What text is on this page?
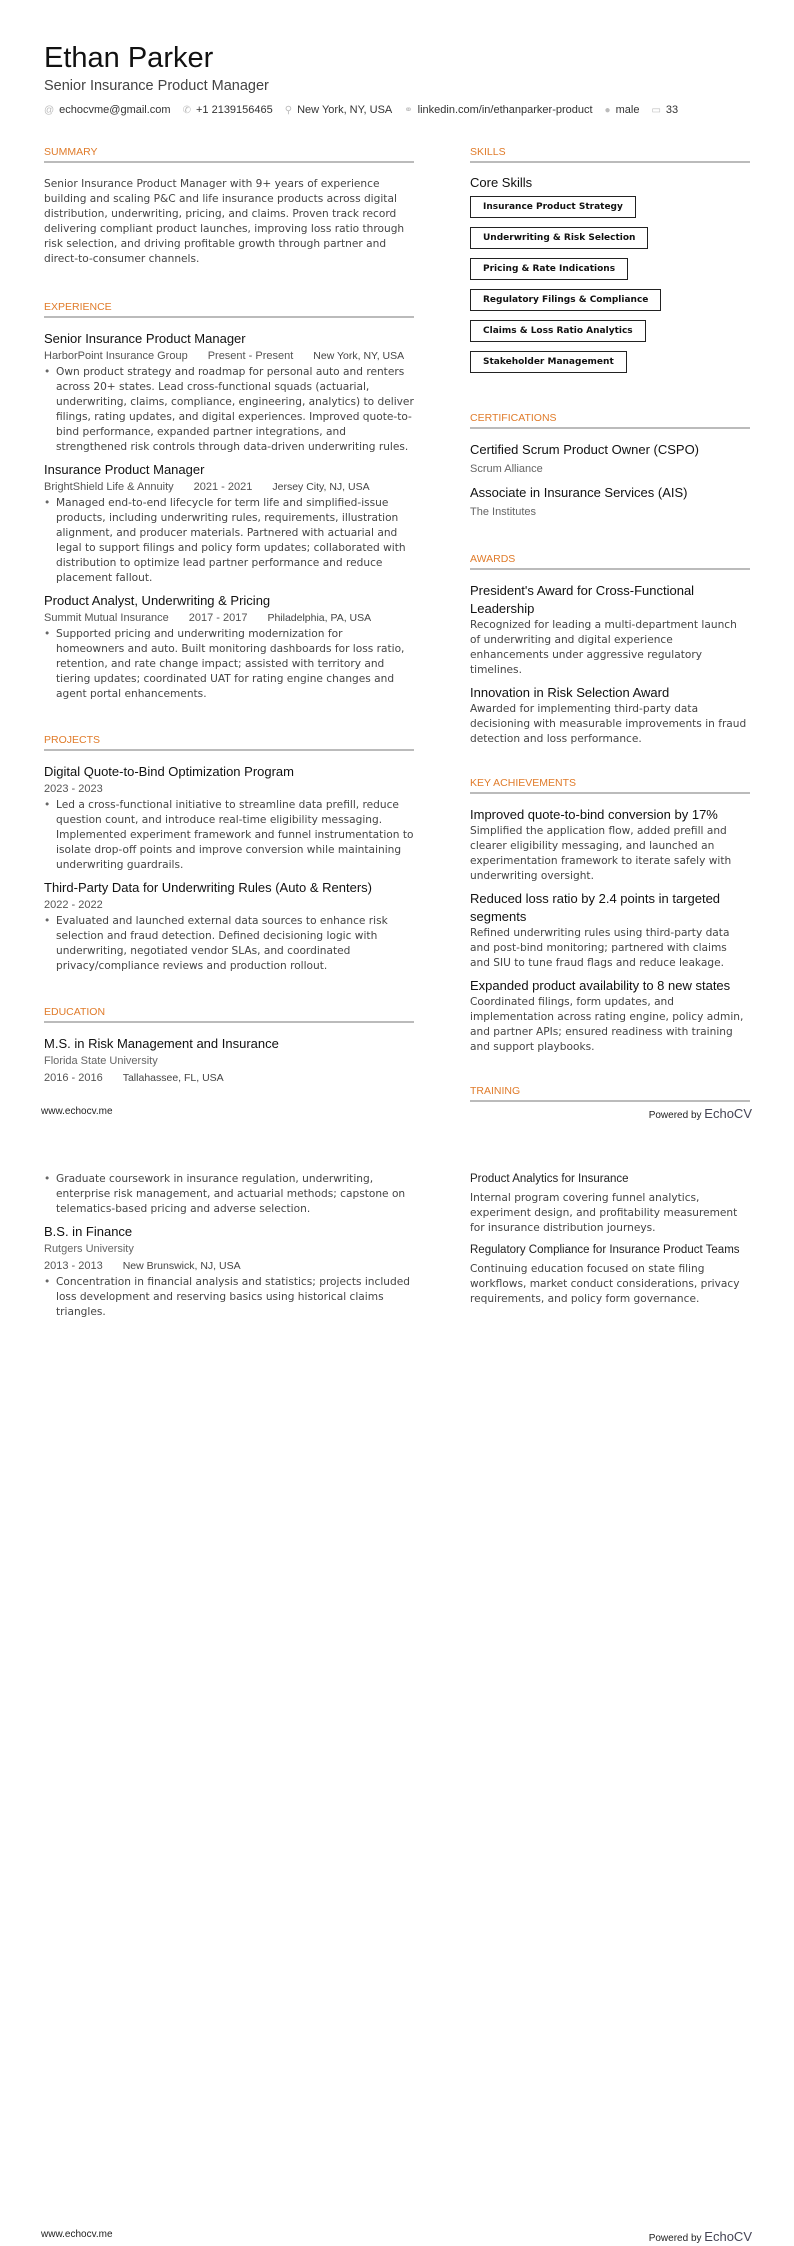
Ethan Parker
Senior Insurance Product Manager
@ echocvme@gmail.com ✆ +1 2139156465 ⚲ New York, NY, USA ⚭ linkedin.com/in/ethanparker-product ● male ▭ 33
SUMMARY
Senior Insurance Product Manager with 9+ years of experience building and scaling P&C and life insurance products across digital distribution, underwriting, pricing, and claims. Proven track record delivering compliant product launches, improving loss ratio through risk selection, and driving profitable growth through partner and direct-to-consumer channels.
EXPERIENCE
Senior Insurance Product Manager
HarborPoint Insurance Group Present - Present New York, NY, USA
• Own product strategy and roadmap for personal auto and renters across 20+ states. Lead cross-functional squads (actuarial, underwriting, claims, compliance, engineering, analytics) to deliver filings, rating updates, and digital experiences. Improved quote-to-bind performance, expanded partner integrations, and strengthened risk controls through data-driven underwriting rules.
Insurance Product Manager
BrightShield Life & Annuity 2021 - 2021 Jersey City, NJ, USA
• Managed end-to-end lifecycle for term life and simplified-issue products, including underwriting rules, requirements, illustration alignment, and producer materials. Partnered with actuarial and legal to support filings and policy form updates; collaborated with distribution to optimize lead partner performance and reduce placement fallout.
Product Analyst, Underwriting & Pricing
Summit Mutual Insurance 2017 - 2017 Philadelphia, PA, USA
• Supported pricing and underwriting modernization for homeowners and auto. Built monitoring dashboards for loss ratio, retention, and rate change impact; assisted with territory and tiering updates; coordinated UAT for rating engine changes and agent portal enhancements.
PROJECTS
Digital Quote-to-Bind Optimization Program
2023 - 2023
• Led a cross-functional initiative to streamline data prefill, reduce question count, and introduce real-time eligibility messaging. Implemented experiment framework and funnel instrumentation to isolate drop-off points and improve conversion while maintaining underwriting guardrails.
Third-Party Data for Underwriting Rules (Auto & Renters)
2022 - 2022
• Evaluated and launched external data sources to enhance risk selection and fraud detection. Defined decisioning logic with underwriting, negotiated vendor SLAs, and coordinated privacy/compliance reviews and production rollout.
EDUCATION
M.S. in Risk Management and Insurance
Florida State University
2016 - 2016 Tallahassee, FL, USA
SKILLS
Core Skills
Insurance Product Strategy
Underwriting & Risk Selection
Pricing & Rate Indications
Regulatory Filings & Compliance
Claims & Loss Ratio Analytics
Stakeholder Management
CERTIFICATIONS
Certified Scrum Product Owner (CSPO)
Scrum Alliance
Associate in Insurance Services (AIS)
The Institutes
AWARDS
President's Award for Cross-Functional Leadership
Recognized for leading a multi-department launch of underwriting and digital experience enhancements under aggressive regulatory timelines.
Innovation in Risk Selection Award
Awarded for implementing third-party data decisioning with measurable improvements in fraud detection and loss performance.
KEY ACHIEVEMENTS
Improved quote-to-bind conversion by 17%
Simplified the application flow, added prefill and clearer eligibility messaging, and launched an experimentation framework to iterate safely with underwriting oversight.
Reduced loss ratio by 2.4 points in targeted segments
Refined underwriting rules using third-party data and post-bind monitoring; partnered with claims and SIU to tune fraud flags and reduce leakage.
Expanded product availability to 8 new states
Coordinated filings, form updates, and implementation across rating engine, policy admin, and partner APIs; ensured readiness with training and support playbooks.
TRAINING
www.echocv.me	Powered by EchoCV
• Graduate coursework in insurance regulation, underwriting, enterprise risk management, and actuarial methods; capstone on telematics-based pricing and adverse selection.
B.S. in Finance
Rutgers University
2013 - 2013 New Brunswick, NJ, USA
• Concentration in financial analysis and statistics; projects included loss development and reserving basics using historical claims triangles.
Product Analytics for Insurance
Internal program covering funnel analytics, experiment design, and profitability measurement for insurance distribution journeys.
Regulatory Compliance for Insurance Product Teams
Continuing education focused on state filing workflows, market conduct considerations, privacy requirements, and policy form governance.
www.echocv.me	Powered by EchoCV
